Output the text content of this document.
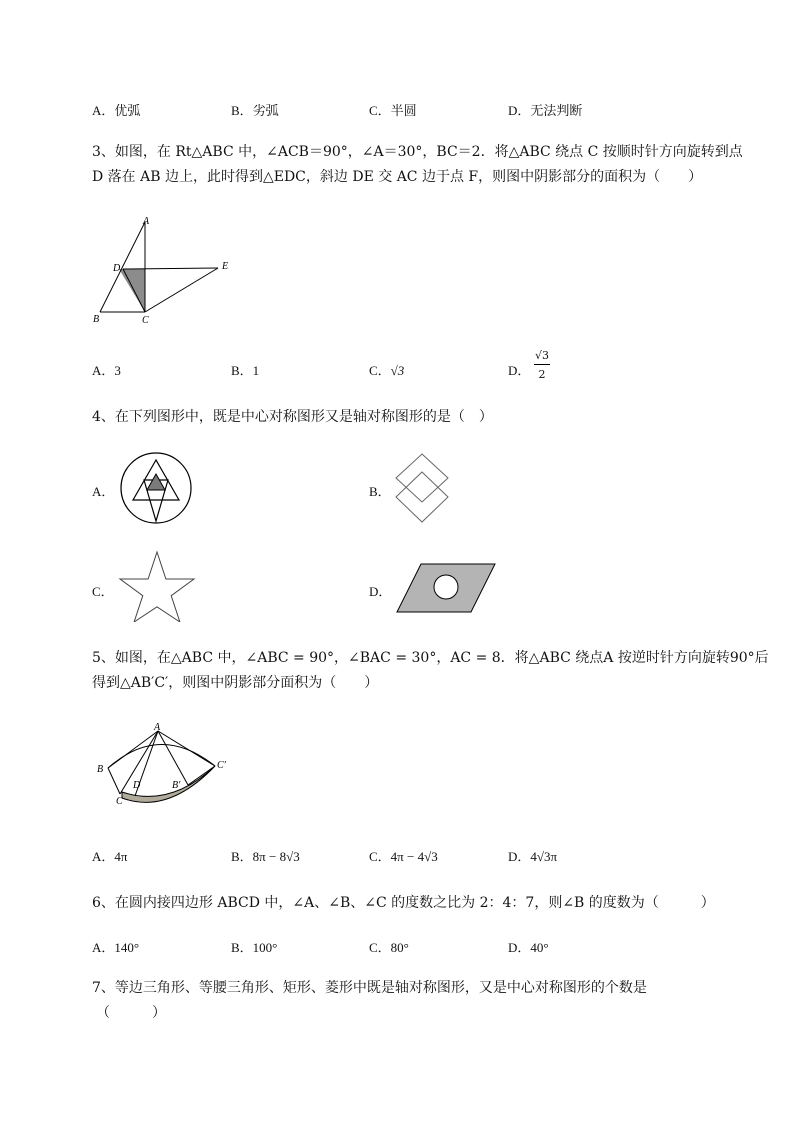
A．优弧	B．劣弧	C．半圆	D．无法判断
3、如图，在 Rt△ABC 中，∠ACB＝90°，∠A＝30°，BC＝2．将△ABC 绕点 C 按顺时针方向旋转到点
D 落在 AB 边上，此时得到△EDC，斜边 DE 交 AC 边于点 F，则图中阴影部分的面积为（　　）
A
D	E
B	C
A．3	B．1	C．√3	D．
√3
2
4、在下列图形中，既是中心对称图形又是轴对称图形的是（　）
A．	B．
C．	D．
5、如图，在△ABC 中，∠ABC = 90°，∠BAC = 30°，AC = 8．将△ABC 绕点A 按逆时针方向旋转90°后
得到△AB′C′，则图中阴影部分面积为（　　）
A
B
D	B′
C′
C
A．4π	B．8π − 8√3	C．4π − 4√3	D．4√3π
6、在圆内接四边形 ABCD 中，∠A、∠B、∠C 的度数之比为 2：4：7，则∠B 的度数为（　　　）
A．140°	B．100°	C．80°	D．40°
7、等边三角形、等腰三角形、矩形、菱形中既是轴对称图形，又是中心对称图形的个数是
（　　　）
